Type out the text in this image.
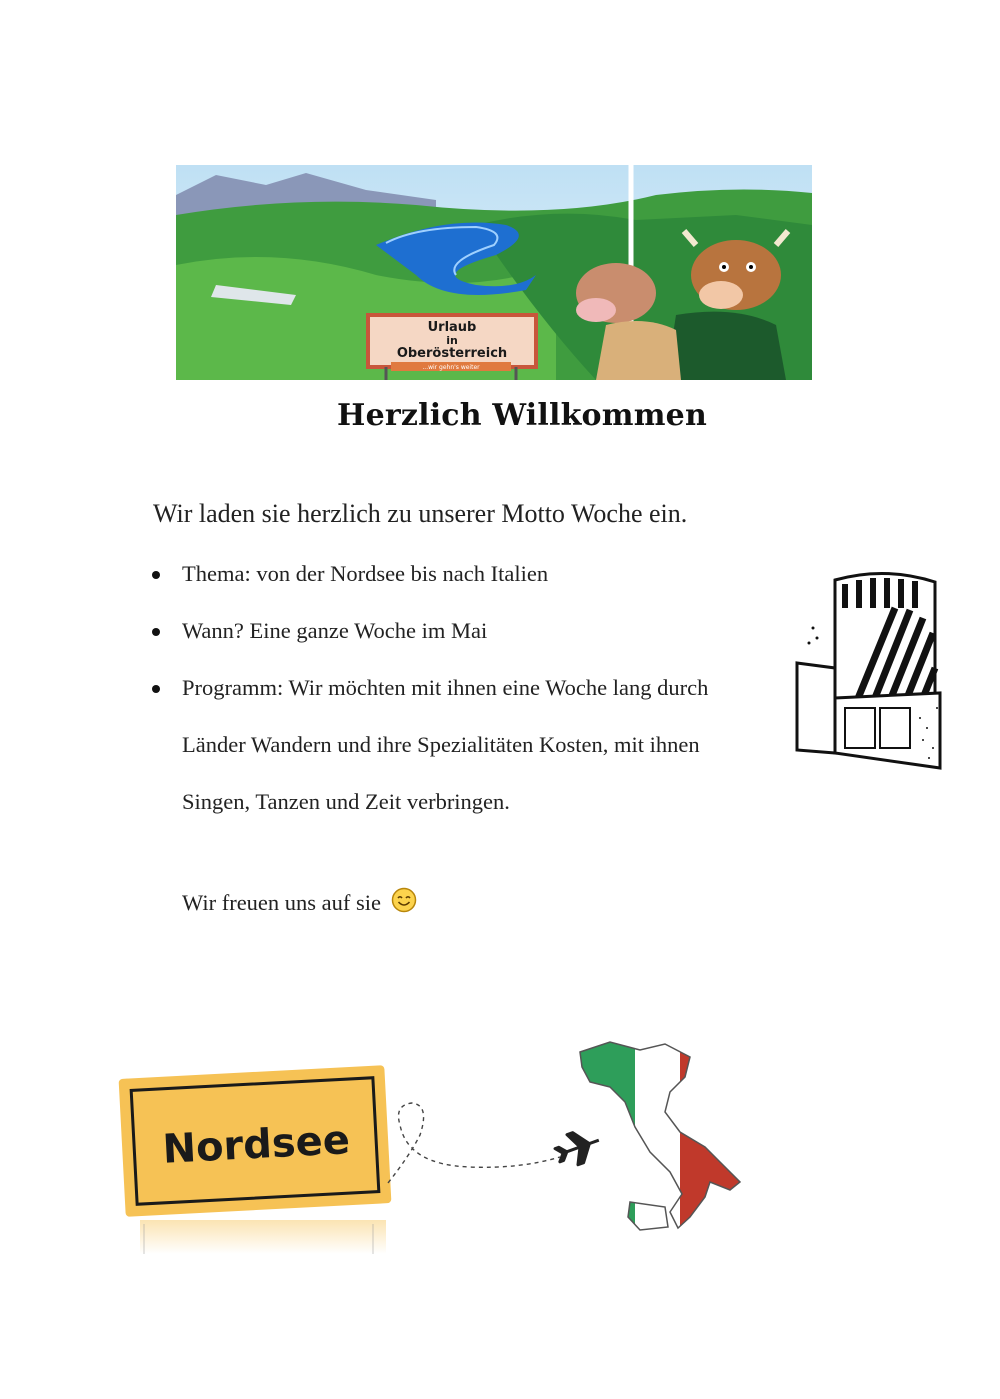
Urlaub
in
Oberösterreich
...wir gehn's weiter
Herzlich Willkommen
Wir laden sie herzlich zu unserer Motto Woche ein.
Thema: von der Nordsee bis nach Italien
Wann? Eine ganze Woche im Mai
Programm: Wir möchten mit ihnen eine Woche lang durch
Länder Wandern und ihre Spezialitäten Kosten, mit ihnen
Singen, Tanzen und Zeit verbringen.
Wir freuen uns auf sie
Nordsee
